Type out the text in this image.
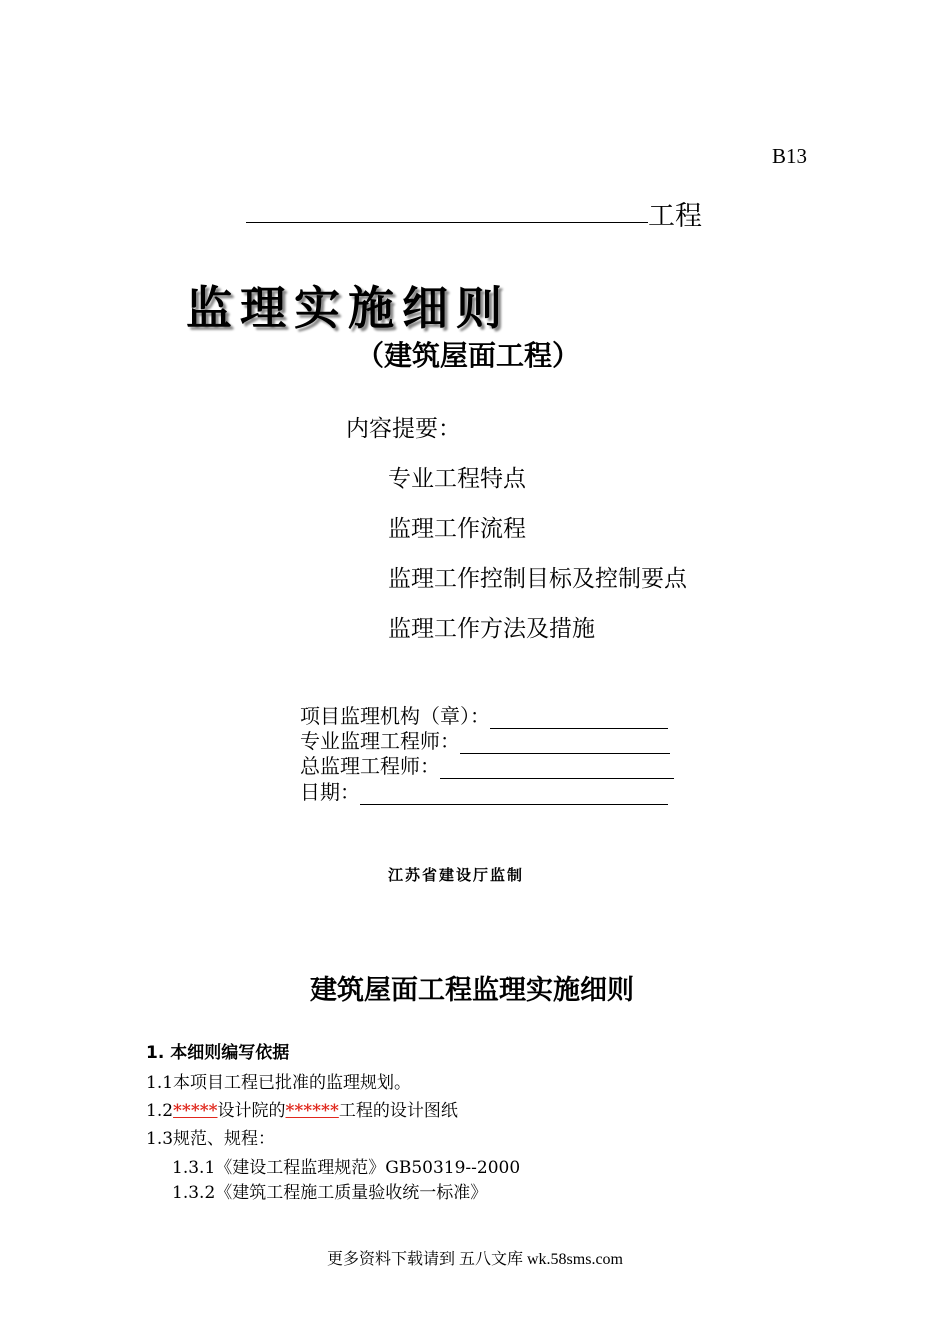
B13
工程
监理实施细则
（建筑屋面工程）
内容提要：
专业工程特点
监理工作流程
监理工作控制目标及控制要点
监理工作方法及措施
项目监理机构（章）：
专业监理工程师：
总监理工程师：
日期：
江苏省建设厅监制
建筑屋面工程监理实施细则
1. 本细则编写依据
1.1本项目工程已批准的监理规划。
1.2*****设计院的******工程的设计图纸
1.3规范、规程：
1.3.1《建设工程监理规范》GB50319--2000
1.3.2《建筑工程施工质量验收统一标准》
更多资料下载请到 五八文库 wk.58sms.com
